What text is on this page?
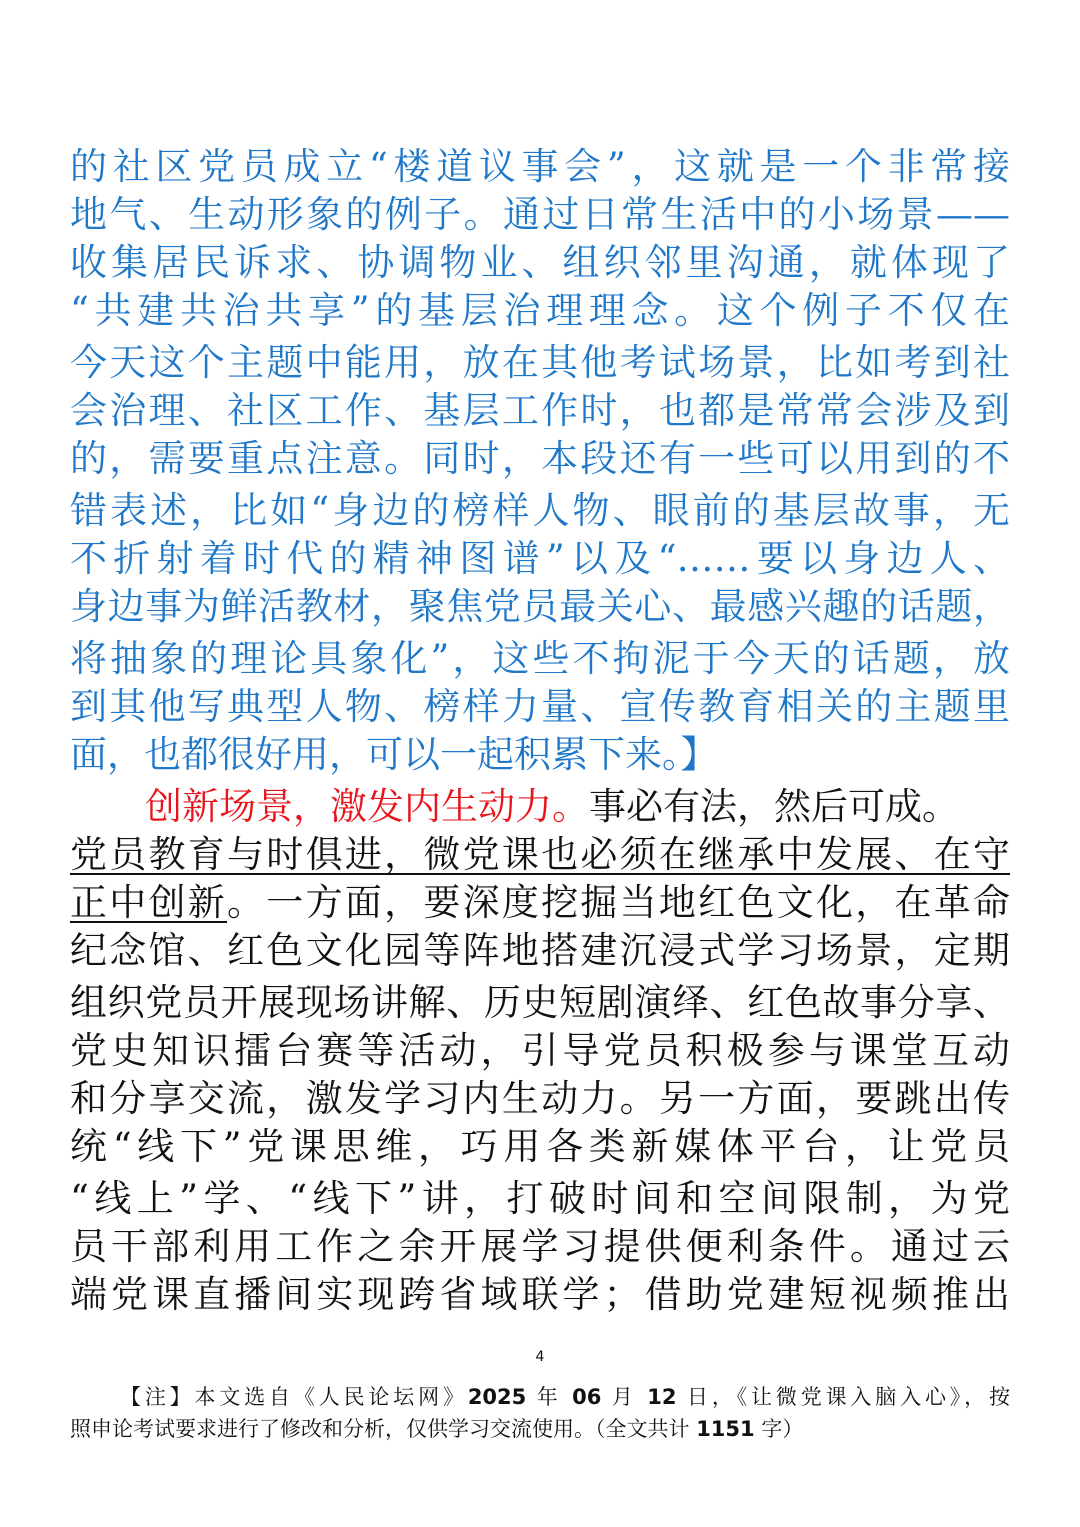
的社区党员成立“楼道议事会”，这就是一个非常接
地气、生动形象的例子。通过日常生活中的小场景——
收集居民诉求、协调物业、组织邻里沟通，就体现了
“共建共治共享”的基层治理理念。这个例子不仅在
今天这个主题中能用，放在其他考试场景，比如考到社
会治理、社区工作、基层工作时，也都是常常会涉及到
的，需要重点注意。同时，本段还有一些可以用到的不
错表述，比如“身边的榜样人物、眼前的基层故事，无
不折射着时代的精神图谱”以及“……要以身边人、
身边事为鲜活教材，聚焦党员最关心、最感兴趣的话题，
将抽象的理论具象化”，这些不拘泥于今天的话题，放
到其他写典型人物、榜样力量、宣传教育相关的主题里
面，也都很好用，可以一起积累下来。】
创新场景，激发内生动力。事必有法，然后可成。
党员教育与时俱进，微党课也必须在继承中发展、在守
正中创新。一方面，要深度挖掘当地红色文化，在革命
纪念馆、红色文化园等阵地搭建沉浸式学习场景，定期
组织党员开展现场讲解、历史短剧演绎、红色故事分享、
党史知识擂台赛等活动，引导党员积极参与课堂互动
和分享交流，激发学习内生动力。另一方面，要跳出传
统“线下”党课思维，巧用各类新媒体平台，让党员
“线上”学、“线下”讲，打破时间和空间限制，为党
员干部利用工作之余开展学习提供便利条件。通过云
端党课直播间实现跨省域联学；借助党建短视频推出
4
【注】本文选自《人民论坛网》2025 年 06 月 12 日，《让微党课入脑入心》，按
照申论考试要求进行了修改和分析，仅供学习交流使用。（全文共计 1151 字）
